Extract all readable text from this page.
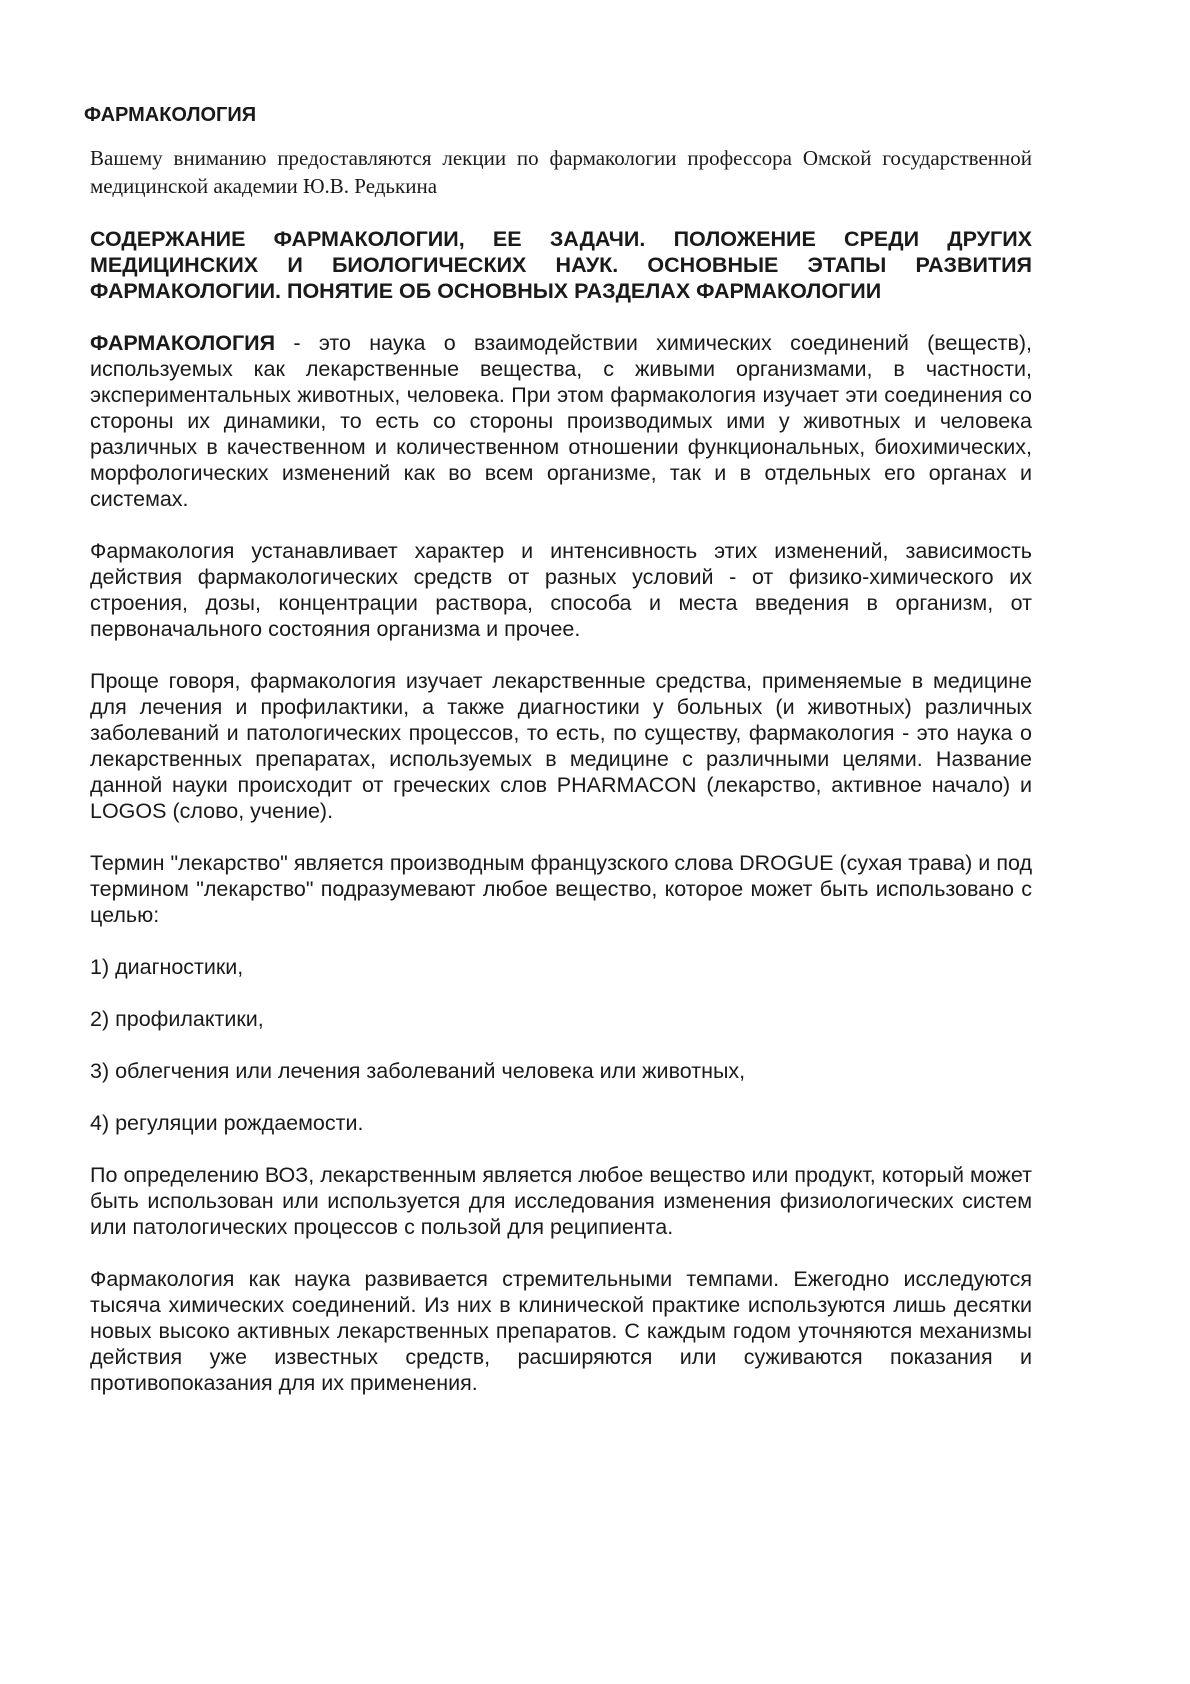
ФАРМАКОЛОГИЯ
Вашему вниманию предоставляются лекции по фармакологии профессора Омской государственной медицинской академии Ю.В. Редькина
СОДЕРЖАНИЕ ФАРМАКОЛОГИИ, ЕЕ ЗАДАЧИ. ПОЛОЖЕНИЕ СРЕДИ ДРУГИХ МЕДИЦИНСКИХ И БИОЛОГИЧЕСКИХ НАУК. ОСНОВНЫЕ ЭТАПЫ РАЗВИТИЯ ФАРМАКОЛОГИИ. ПОНЯТИЕ ОБ ОСНОВНЫХ РАЗДЕЛАХ ФАРМАКОЛОГИИ
ФАРМАКОЛОГИЯ - это наука о взаимодействии химических соединений (веществ), используемых как лекарственные вещества, с живыми организмами, в частности, экспериментальных животных, человека. При этом фармакология изучает эти соединения со стороны их динамики, то есть со стороны производимых ими у животных и человека различных в качественном и количественном отношении функциональных, биохимических, морфологических изменений как во всем организме, так и в отдельных его органах и системах.
Фармакология устанавливает характер и интенсивность этих изменений, зависимость действия фармакологических средств от разных условий - от физико-химического их строения, дозы, концентрации раствора, способа и места введения в организм, от первоначального состояния организма и прочее.
Проще говоря, фармакология изучает лекарственные средства, применяемые в медицине для лечения и профилактики, а также диагностики у больных (и животных) различных заболеваний и патологических процессов, то есть, по существу, фармакология - это наука о лекарственных препаратах, используемых в медицине с различными целями. Название данной науки происходит от греческих слов PHARMACON (лекарство, активное начало) и LOGOS (слово, учение).
Термин "лекарство" является производным французского слова DROGUE (сухая трава) и под термином "лекарство" подразумевают любое вещество, которое может быть использовано с целью:
1) диагностики,
2) профилактики,
3) облегчения или лечения заболеваний человека или животных,
4) регуляции рождаемости.
По определению ВОЗ, лекарственным является любое вещество или продукт, который может быть использован или используется для исследования изменения физиологических систем или патологических процессов с пользой для реципиента.
Фармакология как наука развивается стремительными темпами. Ежегодно исследуются тысяча химических соединений. Из них в клинической практике используются лишь десятки новых высоко активных лекарственных препаратов. С каждым годом уточняются механизмы действия уже известных средств, расширяются или суживаются показания и противопоказания для их применения.
